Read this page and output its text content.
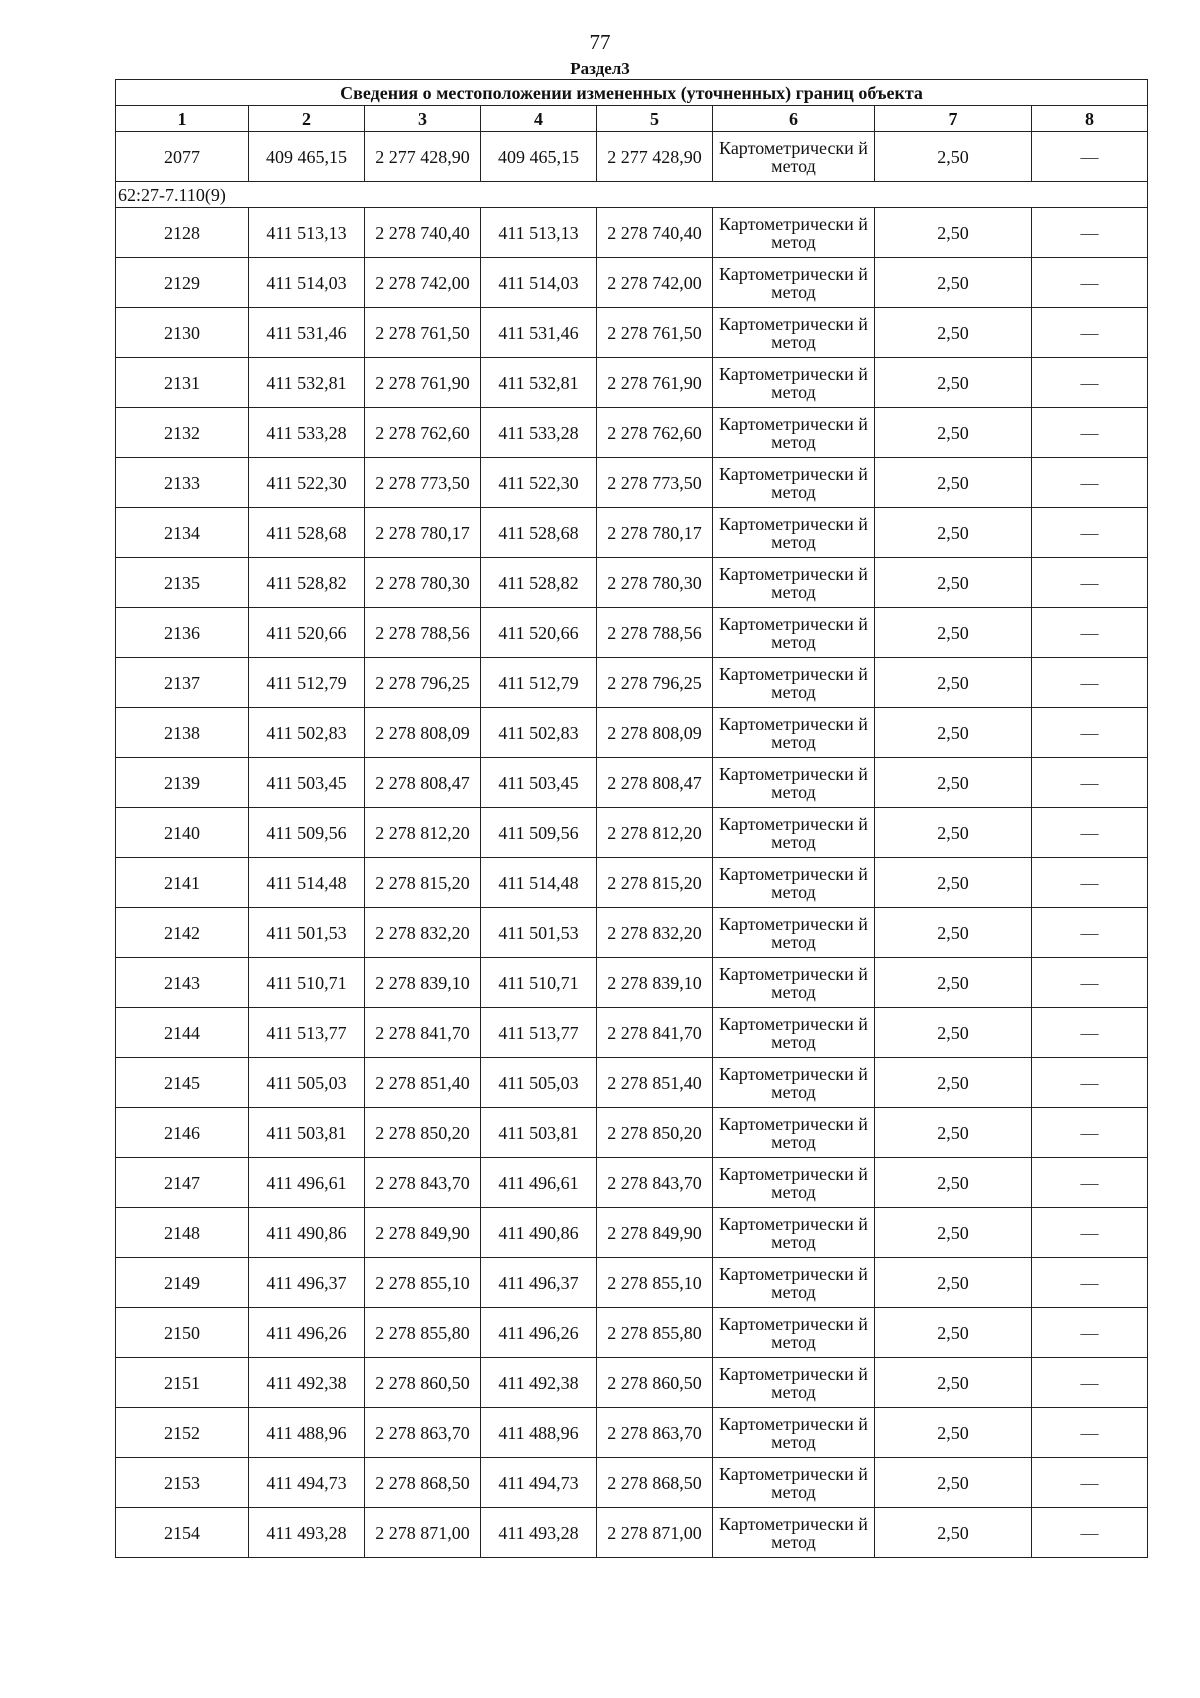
77
Раздел3
Сведения о местоположении измененных (уточненных) границ объекта							
1	2	3	4	5	6	7	8
2077	409 465,15	2 277 428,90	409 465,15	2 277 428,90	Картометрически й метод	2,50	—
62:27-7.110(9)							
2128	411 513,13	2 278 740,40	411 513,13	2 278 740,40	Картометрически й метод	2,50	—
2129	411 514,03	2 278 742,00	411 514,03	2 278 742,00	Картометрически й метод	2,50	—
2130	411 531,46	2 278 761,50	411 531,46	2 278 761,50	Картометрически й метод	2,50	—
2131	411 532,81	2 278 761,90	411 532,81	2 278 761,90	Картометрически й метод	2,50	—
2132	411 533,28	2 278 762,60	411 533,28	2 278 762,60	Картометрически й метод	2,50	—
2133	411 522,30	2 278 773,50	411 522,30	2 278 773,50	Картометрически й метод	2,50	—
2134	411 528,68	2 278 780,17	411 528,68	2 278 780,17	Картометрически й метод	2,50	—
2135	411 528,82	2 278 780,30	411 528,82	2 278 780,30	Картометрически й метод	2,50	—
2136	411 520,66	2 278 788,56	411 520,66	2 278 788,56	Картометрически й метод	2,50	—
2137	411 512,79	2 278 796,25	411 512,79	2 278 796,25	Картометрически й метод	2,50	—
2138	411 502,83	2 278 808,09	411 502,83	2 278 808,09	Картометрически й метод	2,50	—
2139	411 503,45	2 278 808,47	411 503,45	2 278 808,47	Картометрически й метод	2,50	—
2140	411 509,56	2 278 812,20	411 509,56	2 278 812,20	Картометрически й метод	2,50	—
2141	411 514,48	2 278 815,20	411 514,48	2 278 815,20	Картометрически й метод	2,50	—
2142	411 501,53	2 278 832,20	411 501,53	2 278 832,20	Картометрически й метод	2,50	—
2143	411 510,71	2 278 839,10	411 510,71	2 278 839,10	Картометрически й метод	2,50	—
2144	411 513,77	2 278 841,70	411 513,77	2 278 841,70	Картометрически й метод	2,50	—
2145	411 505,03	2 278 851,40	411 505,03	2 278 851,40	Картометрически й метод	2,50	—
2146	411 503,81	2 278 850,20	411 503,81	2 278 850,20	Картометрически й метод	2,50	—
2147	411 496,61	2 278 843,70	411 496,61	2 278 843,70	Картометрически й метод	2,50	—
2148	411 490,86	2 278 849,90	411 490,86	2 278 849,90	Картометрически й метод	2,50	—
2149	411 496,37	2 278 855,10	411 496,37	2 278 855,10	Картометрически й метод	2,50	—
2150	411 496,26	2 278 855,80	411 496,26	2 278 855,80	Картометрически й метод	2,50	—
2151	411 492,38	2 278 860,50	411 492,38	2 278 860,50	Картометрически й метод	2,50	—
2152	411 488,96	2 278 863,70	411 488,96	2 278 863,70	Картометрически й метод	2,50	—
2153	411 494,73	2 278 868,50	411 494,73	2 278 868,50	Картометрически й метод	2,50	—
2154	411 493,28	2 278 871,00	411 493,28	2 278 871,00	Картометрически й метод	2,50	—
